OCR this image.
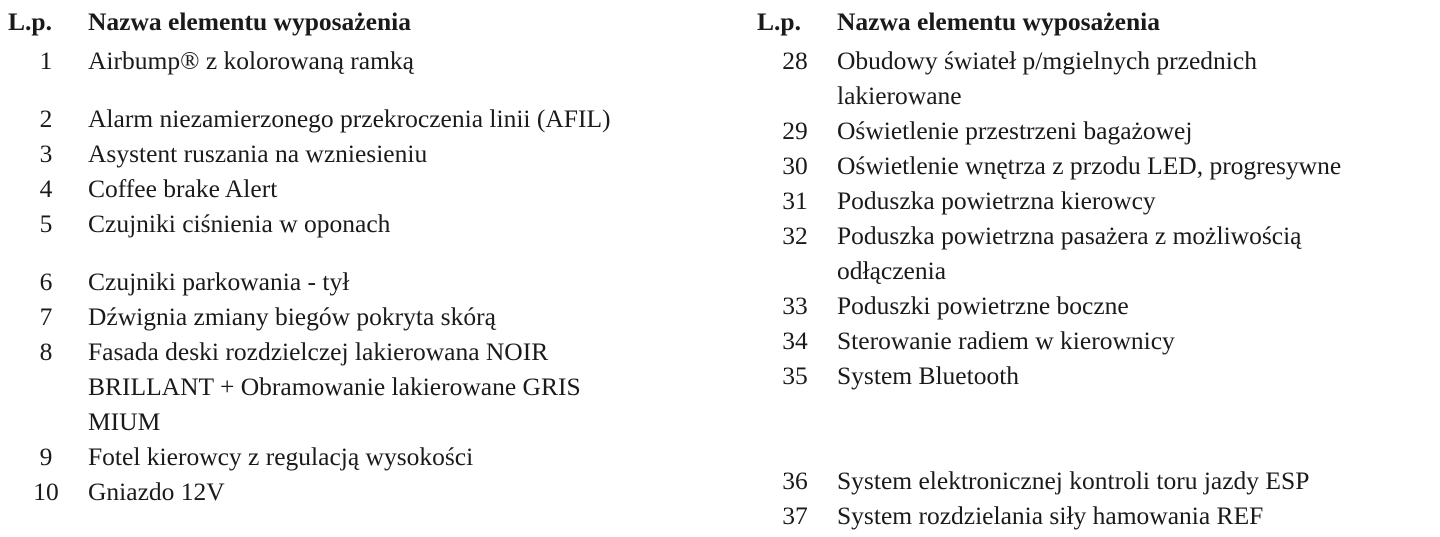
L.p.	Nazwa elementu wyposażenia
1	Airbump® z kolorowaną ramką
2	Alarm niezamierzonego przekroczenia linii (AFIL)
3	Asystent ruszania na wzniesieniu
4	Coffee brake Alert
5	Czujniki ciśnienia w oponach
6	Czujniki parkowania - tył
7	Dźwignia zmiany biegów pokryta skórą
8	Fasada deski rozdzielczej lakierowana NOIR
BRILLANT + Obramowanie lakierowane GRIS
MIUM
9	Fotel kierowcy z regulacją wysokości
10	Gniazdo 12V
L.p.	Nazwa elementu wyposażenia
28	Obudowy świateł p/mgielnych przednich
lakierowane
29	Oświetlenie przestrzeni bagażowej
30	Oświetlenie wnętrza z przodu LED, progresywne
31	Poduszka powietrzna kierowcy
32	Poduszka powietrzna pasażera z możliwością
odłączenia
33	Poduszki powietrzne boczne
34	Sterowanie radiem w kierownicy
35	System Bluetooth
36	System elektronicznej kontroli toru jazdy ESP
37	System rozdzielania siły hamowania REF
